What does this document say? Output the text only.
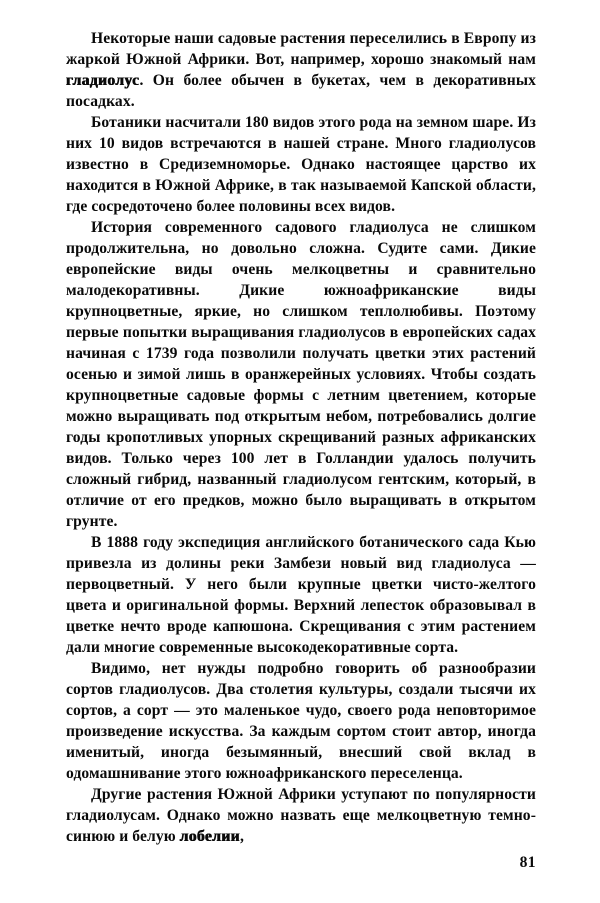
Некоторые наши садовые растения переселились в Европу из жаркой Южной Африки. Вот, например, хорошо знакомый нам гладиолус. Он более обычен в букетах, чем в декоративных посадках.

Ботаники насчитали 180 видов этого рода на земном шаре. Из них 10 видов встречаются в нашей стране. Много гладиолусов известно в Средиземноморье. Однако настоящее царство их находится в Южной Африке, в так называемой Капской области, где сосредоточено более половины всех видов.

История современного садового гладиолуса не слишком продолжительна, но довольно сложна. Судите сами. Дикие европейские виды очень мелкоцветны и сравнительно малодекоративны. Дикие южноафриканские виды крупноцветные, яркие, но слишком теплолюбивы. Поэтому первые попытки выращивания гладиолусов в европейских садах начиная с 1739 года позволили получать цветки этих растений осенью и зимой лишь в оранжерейных условиях. Чтобы создать крупноцветные садовые формы с летним цветением, которые можно выращивать под открытым небом, потребовались долгие годы кропотливых упорных скрещиваний разных африканских видов. Только через 100 лет в Голландии удалось получить сложный гибрид, названный гладиолусом гентским, который, в отличие от его предков, можно было выращивать в открытом грунте.

В 1888 году экспедиция английского ботанического сада Кью привезла из долины реки Замбези новый вид гладиолуса — первоцветный. У него были крупные цветки чисто-желтого цвета и оригинальной формы. Верхний лепесток образовывал в цветке нечто вроде капюшона. Скрещивания с этим растением дали многие современные высокодекоративные сорта.

Видимо, нет нужды подробно говорить об разнообразии сортов гладиолусов. Два столетия культуры, создали тысячи их сортов, а сорт — это маленькое чудо, своего рода неповторимое произведение искусства. За каждым сортом стоит автор, иногда именитый, иногда безымянный, внесший свой вклад в одомашнивание этого южноафриканского переселенца.

Другие растения Южной Африки уступают по популярности гладиолусам. Однако можно назвать еще мелкоцветную темно-синюю и белую лобелии,

81
